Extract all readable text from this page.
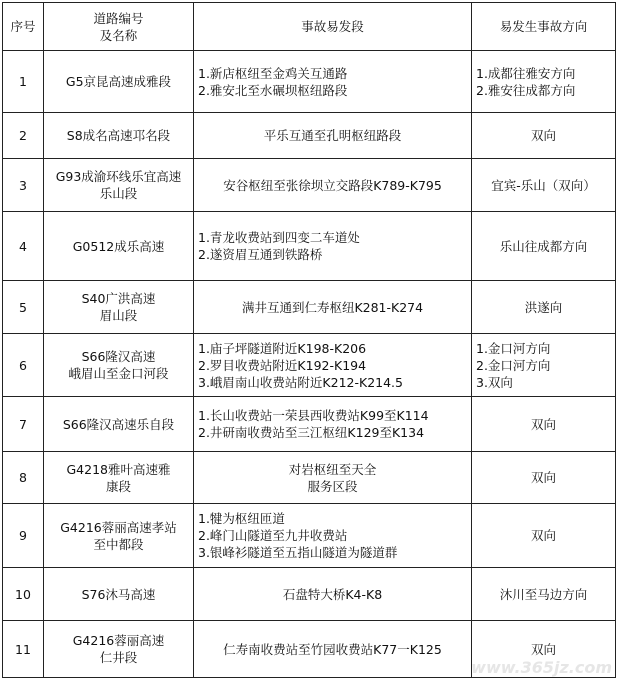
序号	道路编号
及名称	事故易发段	易发生事故方向

1	G5京昆高速成雅段	1.新店枢纽至金鸡关互通路
2.雅安北至水碾坝枢纽路段	1.成都往雅安方向
2.雅安往成都方向

2	S8成名高速邛名段	平乐互通至孔明枢纽路段	双向

3	G93成渝环线乐宜高速
乐山段	安谷枢纽至张徐坝立交路段K789-K795	宜宾-乐山（双向）

4	G0512成乐高速	1.青龙收费站到四变二车道处
2.遂资眉互通到铁路桥	乐山往成都方向

5	S40广洪高速
眉山段	满井互通到仁寿枢纽K281-K274	洪遂向

6	S66隆汉高速
峨眉山至金口河段	1.庙子坪隧道附近K198-K206
2.罗目收费站附近K192-K194
3.峨眉南山收费站附近K212-K214.5	1.金口河方向
2.金口河方向
3.双向

7	S66隆汉高速乐自段	1.长山收费站一荣县西收费站K99至K114
2.井研南收费站至三江枢纽K129至K134	双向

8	G4218雅叶高速雅
康段	对岩枢纽至天全
服务区段	双向

9	G4216蓉丽高速孝站
至中都段	1.犍为枢纽匝道
2.峰门山隧道至九井收费站
3.银峰衫隧道至五指山隧道为隧道群	双向

10	S76沐马高速	石盘特大桥K4-K8	沐川至马边方向

11	G4216蓉丽高速
仁井段	仁寿南收费站至竹园收费站K77一K125	双向
www.365jz.com
